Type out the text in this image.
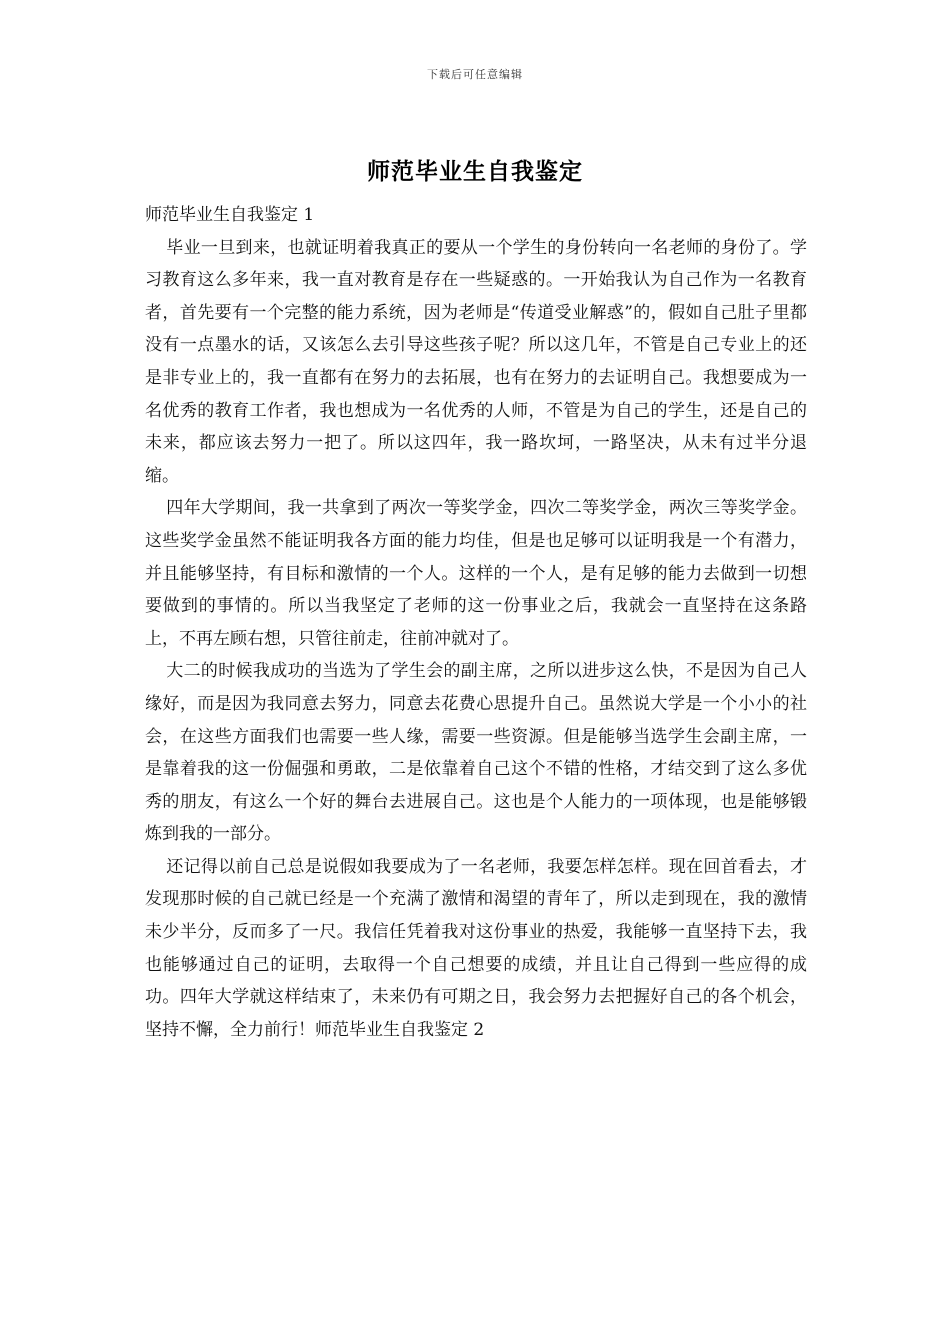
下载后可任意编辑
师范毕业生自我鉴定

师范毕业生自我鉴定 1

毕业一旦到来，也就证明着我真正的要从一个学生的身份转向一名老师的身份了。学习教育这么多年来，我一直对教育是存在一些疑惑的。一开始我认为自己作为一名教育者，首先要有一个完整的能力系统，因为老师是“传道受业解惑”的，假如自己肚子里都没有一点墨水的话，又该怎么去引导这些孩子呢？所以这几年，不管是自己专业上的还是非专业上的，我一直都有在努力的去拓展，也有在努力的去证明自己。我想要成为一名优秀的教育工作者，我也想成为一名优秀的人师，不管是为自己的学生，还是自己的未来，都应该去努力一把了。所以这四年，我一路坎坷，一路坚决，从未有过半分退缩。

四年大学期间，我一共拿到了两次一等奖学金，四次二等奖学金，两次三等奖学金。这些奖学金虽然不能证明我各方面的能力均佳，但是也足够可以证明我是一个有潜力，并且能够坚持，有目标和激情的一个人。这样的一个人，是有足够的能力去做到一切想要做到的事情的。所以当我坚定了老师的这一份事业之后，我就会一直坚持在这条路上，不再左顾右想，只管往前走，往前冲就对了。

大二的时候我成功的当选为了学生会的副主席，之所以进步这么快，不是因为自己人缘好，而是因为我同意去努力，同意去花费心思提升自己。虽然说大学是一个小小的社会，在这些方面我们也需要一些人缘，需要一些资源。但是能够当选学生会副主席，一是靠着我的这一份倔强和勇敢，二是依靠着自己这个不错的性格，才结交到了这么多优秀的朋友，有这么一个好的舞台去进展自己。这也是个人能力的一项体现，也是能够锻炼到我的一部分。

还记得以前自己总是说假如我要成为了一名老师，我要怎样怎样。现在回首看去，才发现那时候的自己就已经是一个充满了激情和渴望的青年了，所以走到现在，我的激情未少半分，反而多了一尺。我信任凭着我对这份事业的热爱，我能够一直坚持下去，我也能够通过自己的证明，去取得一个自己想要的成绩，并且让自己得到一些应得的成功。四年大学就这样结束了，未来仍有可期之日，我会努力去把握好自己的各个机会，坚持不懈，全力前行！师范毕业生自我鉴定 2
